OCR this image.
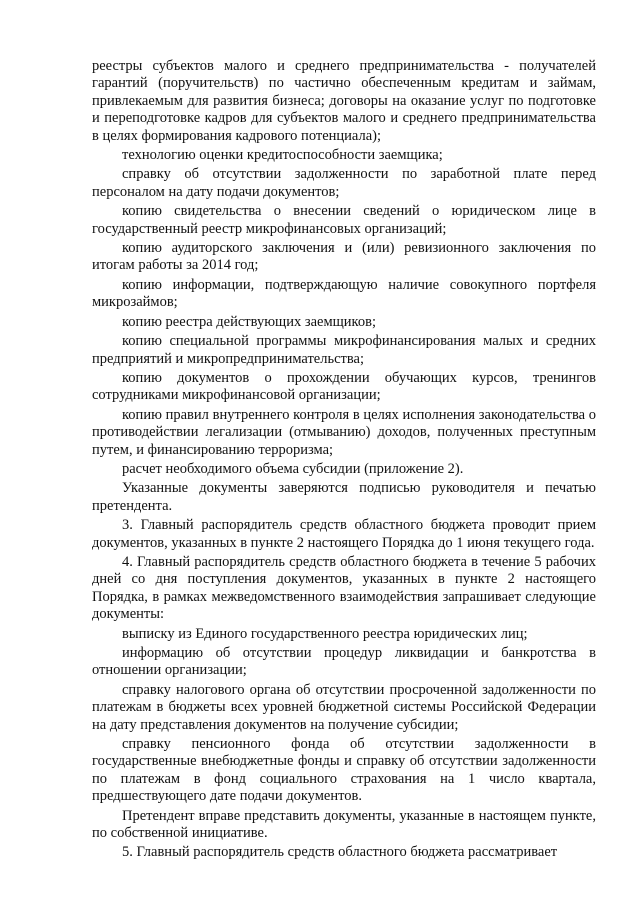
реестры субъектов малого и среднего предпринимательства - получателей гарантий (поручительств) по частично обеспеченным кредитам и займам, привлекаемым для развития бизнеса; договоры на оказание услуг по подготовке и переподготовке кадров для субъектов малого и среднего предпринимательства в целях формирования кадрового потенциала);

технологию оценки кредитоспособности заемщика;

справку об отсутствии задолженности по заработной плате перед персоналом на дату подачи документов;

копию свидетельства о внесении сведений о юридическом лице в государственный реестр микрофинансовых организаций;

копию аудиторского заключения и (или) ревизионного заключения по итогам работы за 2014 год;

копию информации, подтверждающую наличие совокупного портфеля микрозаймов;

копию реестра действующих заемщиков;

копию специальной программы микрофинансирования малых и средних предприятий и микропредпринимательства;

копию документов о прохождении обучающих курсов, тренингов сотрудниками микрофинансовой организации;

копию правил внутреннего контроля в целях исполнения законодательства о противодействии легализации (отмыванию) доходов, полученных преступным путем, и финансированию терроризма;

расчет необходимого объема субсидии (приложение 2).

Указанные документы заверяются подписью руководителя и печатью претендента.

3. Главный распорядитель средств областного бюджета проводит прием документов, указанных в пункте 2 настоящего Порядка до 1 июня текущего года.

4. Главный распорядитель средств областного бюджета в течение 5 рабочих дней со дня поступления документов, указанных в пункте 2 настоящего Порядка, в рамках межведомственного взаимодействия запрашивает следующие документы:

выписку из Единого государственного реестра юридических лиц;

информацию об отсутствии процедур ликвидации и банкротства в отношении организации;

справку налогового органа об отсутствии просроченной задолженности по платежам в бюджеты всех уровней бюджетной системы Российской Федерации на дату представления документов на получение субсидии;

справку пенсионного фонда об отсутствии задолженности в государственные внебюджетные фонды и справку об отсутствии задолженности по платежам в фонд социального страхования на 1 число квартала, предшествующего дате подачи документов.

Претендент вправе представить документы, указанные в настоящем пункте, по собственной инициативе.

5. Главный распорядитель средств областного бюджета рассматривает
